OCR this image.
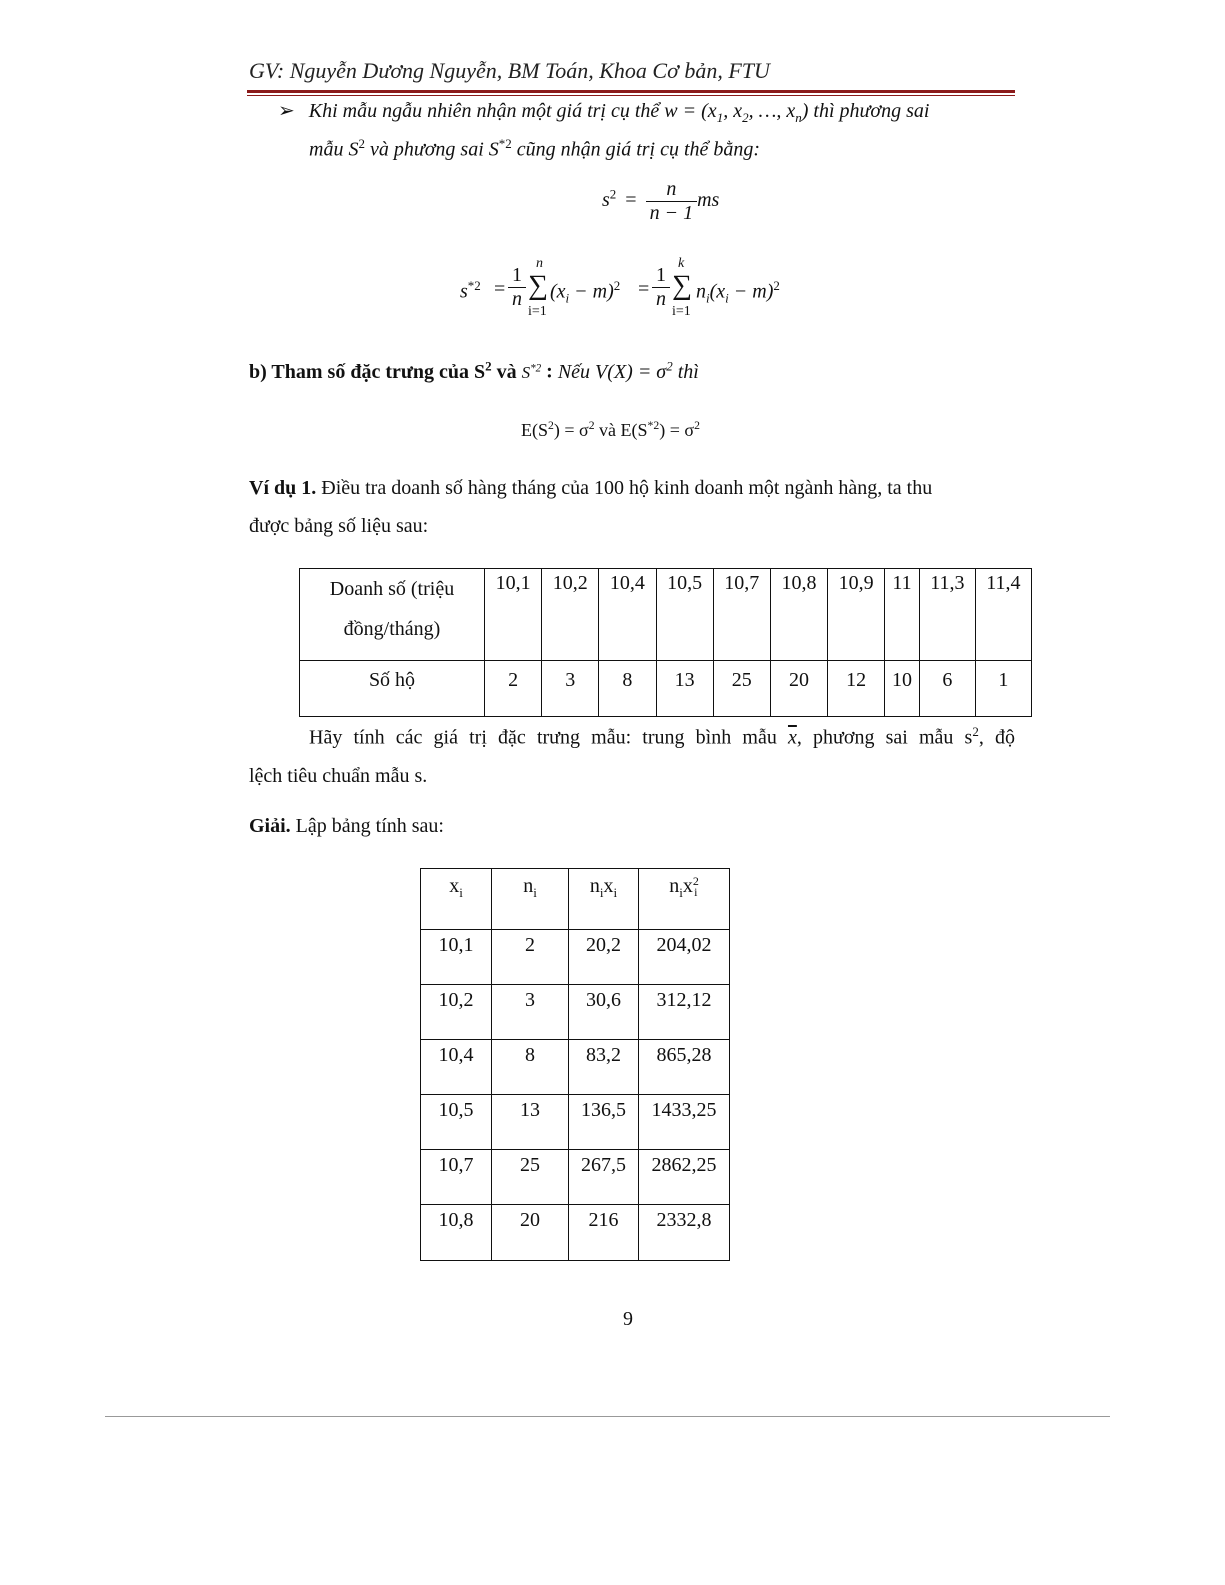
GV: Nguyễn Dương Nguyễn, BM Toán, Khoa Cơ bản, FTU
➢ Khi mẫu ngẫu nhiên nhận một giá trị cụ thể $w = (x_1$, $x_2$, …, $x_n$) thì phương sai
mẫu $S^2$ và phương sai $S^{*2}$ cũng nhận giá trị cụ thể bằng:
$s^2 = \frac{n}{n - 1}$ ms
$s^{*2} = \frac{1}{n}$
n
∑
i=1
$(x_i - m)^2 = \frac{1}{n}$
k
∑
i=1
$n_i(x_i - m)^2$
b) Tham số đặc trưng của $S^2$ và $S^{*2}$ : Nếu $V(X) = \sigma^2$ thì
$E(S^2) = \sigma^2$ và $E(S^{*2}) = \sigma^2$
Ví dụ 1. Điều tra doanh số hàng tháng của 100 hộ kinh doanh một ngành hàng, ta thu
được bảng số liệu sau:
Doanh số (triệu
đồng/tháng)	10,1	10,2	10,4	10,5	10,7	10,8	10,9	11	11,3	11,4
Số hộ	2	3	8	13	25	20	12	10	6	1
Hãy tính các giá trị đặc trưng mẫu: trung bình mẫu $\overline{x}$, phương sai mẫu $s^2$, độ
lệch tiêu chuẩn mẫu s.
Giải. Lập bảng tính sau:
$x_i$	$n_i$	$n_ix_i$	$n_ix$ 2
i

10,1	2	20,2	204,02
10,2	3	30,6	312,12
10,4	8	83,2	865,28
10,5	13	136,5	1433,25
10,7	25	267,5	2862,25
10,8	20	216	2332,8
9
